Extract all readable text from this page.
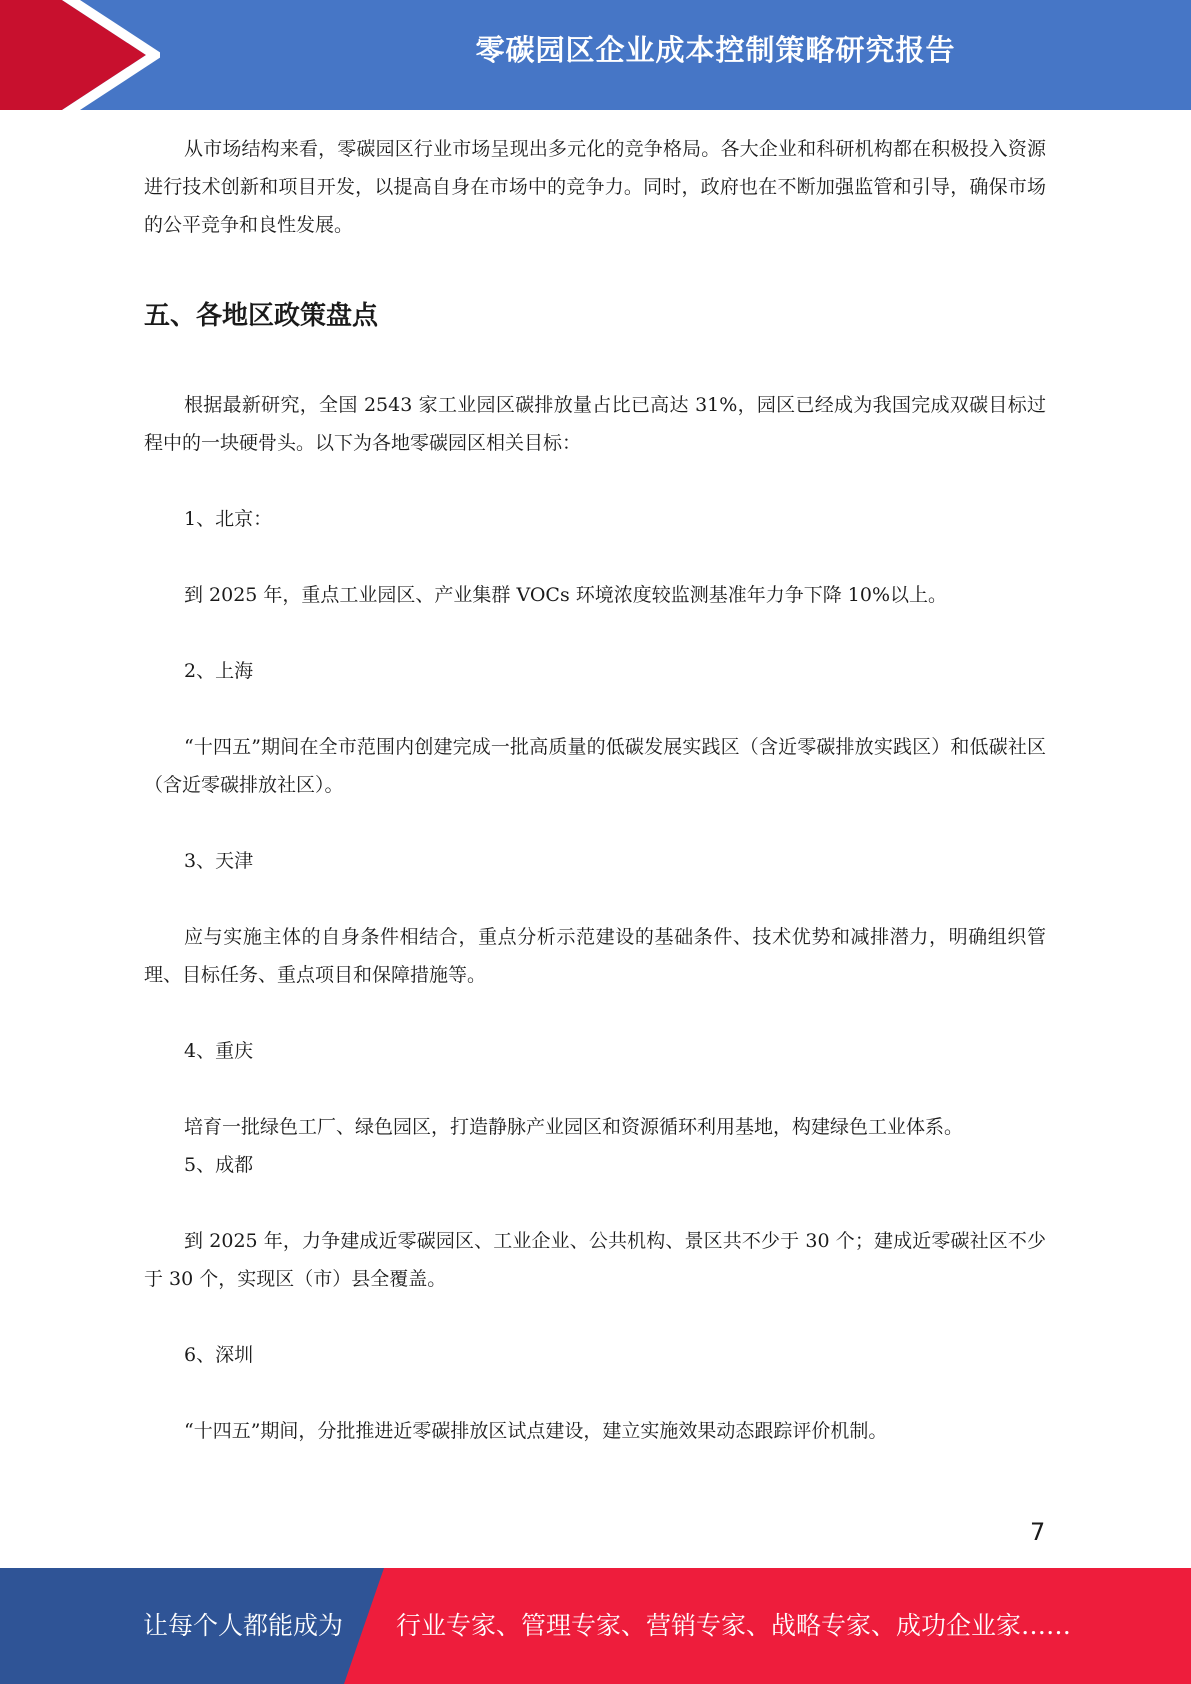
零碳园区企业成本控制策略研究报告

从市场结构来看，零碳园区行业市场呈现出多元化的竞争格局。各大企业和科研机构都在积极投入资源进行技术创新和项目开发，以提高自身在市场中的竞争力。同时，政府也在不断加强监管和引导，确保市场的公平竞争和良性发展。

五、各地区政策盘点

根据最新研究，全国 2543 家工业园区碳排放量占比已高达 31%，园区已经成为我国完成双碳目标过程中的一块硬骨头。以下为各地零碳园区相关目标：

1、北京：

到 2025 年，重点工业园区、产业集群 VOCs 环境浓度较监测基准年力争下降 10%以上。

2、上海

“十四五”期间在全市范围内创建完成一批高质量的低碳发展实践区（含近零碳排放实践区）和低碳社区（含近零碳排放社区）。

3、天津

应与实施主体的自身条件相结合，重点分析示范建设的基础条件、技术优势和减排潜力，明确组织管理、目标任务、重点项目和保障措施等。

4、重庆

培育一批绿色工厂、绿色园区，打造静脉产业园区和资源循环利用基地，构建绿色工业体系。

5、成都

到 2025 年，力争建成近零碳园区、工业企业、公共机构、景区共不少于 30 个；建成近零碳社区不少于 30 个，实现区（市）县全覆盖。

6、深圳

“十四五”期间，分批推进近零碳排放区试点建设，建立实施效果动态跟踪评价机制。

7
让每个人都能成为 行业专家、管理专家、营销专家、战略专家、成功企业家……
